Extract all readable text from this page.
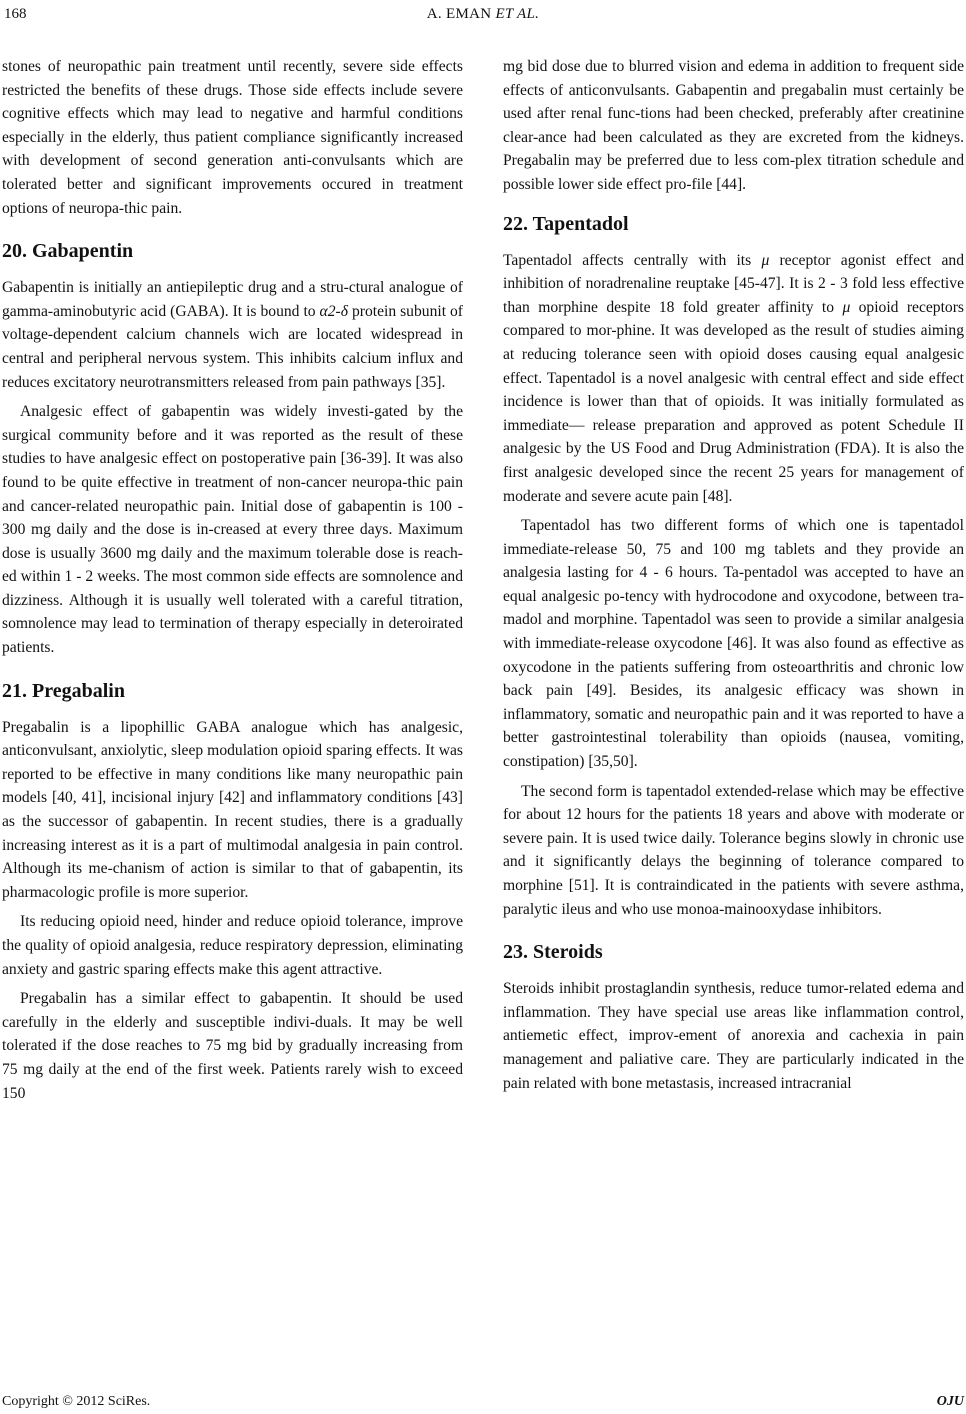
168	A. EMAN ET AL.

stones of neuropathic pain treatment until recently, severe side effects restricted the benefits of these drugs. Those side effects include severe cognitive effects which may lead to negative and harmful conditions especially in the elderly, thus patient compliance significantly increased with development of second generation anti-convulsants which are tolerated better and significant improvements occured in treatment options of neuropa-thic pain.

20. Gabapentin

Gabapentin is initially an antiepileptic drug and a stru-ctural analogue of gamma-aminobutyric acid (GABA). It is bound to α2-δ protein subunit of voltage-dependent calcium channels wich are located widespread in central and peripheral nervous system. This inhibits calcium influx and reduces excitatory neurotransmitters released from pain pathways [35].

Analgesic effect of gabapentin was widely investi-gated by the surgical community before and it was reported as the result of these studies to have analgesic effect on postoperative pain [36-39]. It was also found to be quite effective in treatment of non-cancer neuropa-thic pain and cancer-related neuropathic pain. Initial dose of gabapentin is 100 - 300 mg daily and the dose is in-creased at every three days. Maximum dose is usually 3600 mg daily and the maximum tolerable dose is reach-ed within 1 - 2 weeks. The most common side effects are somnolence and dizziness. Although it is usually well tolerated with a careful titration, somnolence may lead to termination of therapy especially in deteroirated patients.

21. Pregabalin

Pregabalin is a lipophillic GABA analogue which has analgesic, anticonvulsant, anxiolytic, sleep modulation opioid sparing effects. It was reported to be effective in many conditions like many neuropathic pain models [40, 41], incisional injury [42] and inflammatory conditions [43] as the successor of gabapentin. In recent studies, there is a gradually increasing interest as it is a part of multimodal analgesia in pain control. Although its me-chanism of action is similar to that of gabapentin, its pharmacologic profile is more superior.

Its reducing opioid need, hinder and reduce opioid tolerance, improve the quality of opioid analgesia, reduce respiratory depression, eliminating anxiety and gastric sparing effects make this agent attractive.

Pregabalin has a similar effect to gabapentin. It should be used carefully in the elderly and susceptible indivi-duals. It may be well tolerated if the dose reaches to 75 mg bid by gradually increasing from 75 mg daily at the end of the first week. Patients rarely wish to exceed 150

mg bid dose due to blurred vision and edema in addition to frequent side effects of anticonvulsants. Gabapentin and pregabalin must certainly be used after renal func-tions had been checked, preferably after creatinine clear-ance had been calculated as they are excreted from the kidneys. Pregabalin may be preferred due to less com-plex titration schedule and possible lower side effect pro-file [44].

22. Tapentadol

Tapentadol affects centrally with its μ receptor agonist effect and inhibition of noradrenaline reuptake [45-47]. It is 2 - 3 fold less effective than morphine despite 18 fold greater affinity to μ opioid receptors compared to mor-phine. It was developed as the result of studies aiming at reducing tolerance seen with opioid doses causing equal analgesic effect. Tapentadol is a novel analgesic with central effect and side effect incidence is lower than that of opioids. It was initially formulated as immediate— release preparation and approved as potent Schedule II analgesic by the US Food and Drug Administration (FDA). It is also the first analgesic developed since the recent 25 years for management of moderate and severe acute pain [48].

Tapentadol has two different forms of which one is tapentadol immediate-release 50, 75 and 100 mg tablets and they provide an analgesia lasting for 4 - 6 hours. Ta-pentadol was accepted to have an equal analgesic po-tency with hydrocodone and oxycodone, between tra-madol and morphine. Tapentadol was seen to provide a similar analgesia with immediate-release oxycodone [46]. It was also found as effective as oxycodone in the patients suffering from osteoarthritis and chronic low back pain [49]. Besides, its analgesic efficacy was shown in inflammatory, somatic and neuropathic pain and it was reported to have a better gastrointestinal tolerability than opioids (nausea, vomiting, constipation) [35,50].

The second form is tapentadol extended-relase which may be effective for about 12 hours for the patients 18 years and above with moderate or severe pain. It is used twice daily. Tolerance begins slowly in chronic use and it significantly delays the beginning of tolerance compared to morphine [51]. It is contraindicated in the patients with severe asthma, paralytic ileus and who use monoa-mainooxydase inhibitors.

23. Steroids

Steroids inhibit prostaglandin synthesis, reduce tumor-related edema and inflammation. They have special use areas like inflammation control, antiemetic effect, improv-ement of anorexia and cachexia in pain management and paliative care. They are particularly indicated in the pain related with bone metastasis, increased intracranial

Copyright © 2012 SciRes.	OJU
